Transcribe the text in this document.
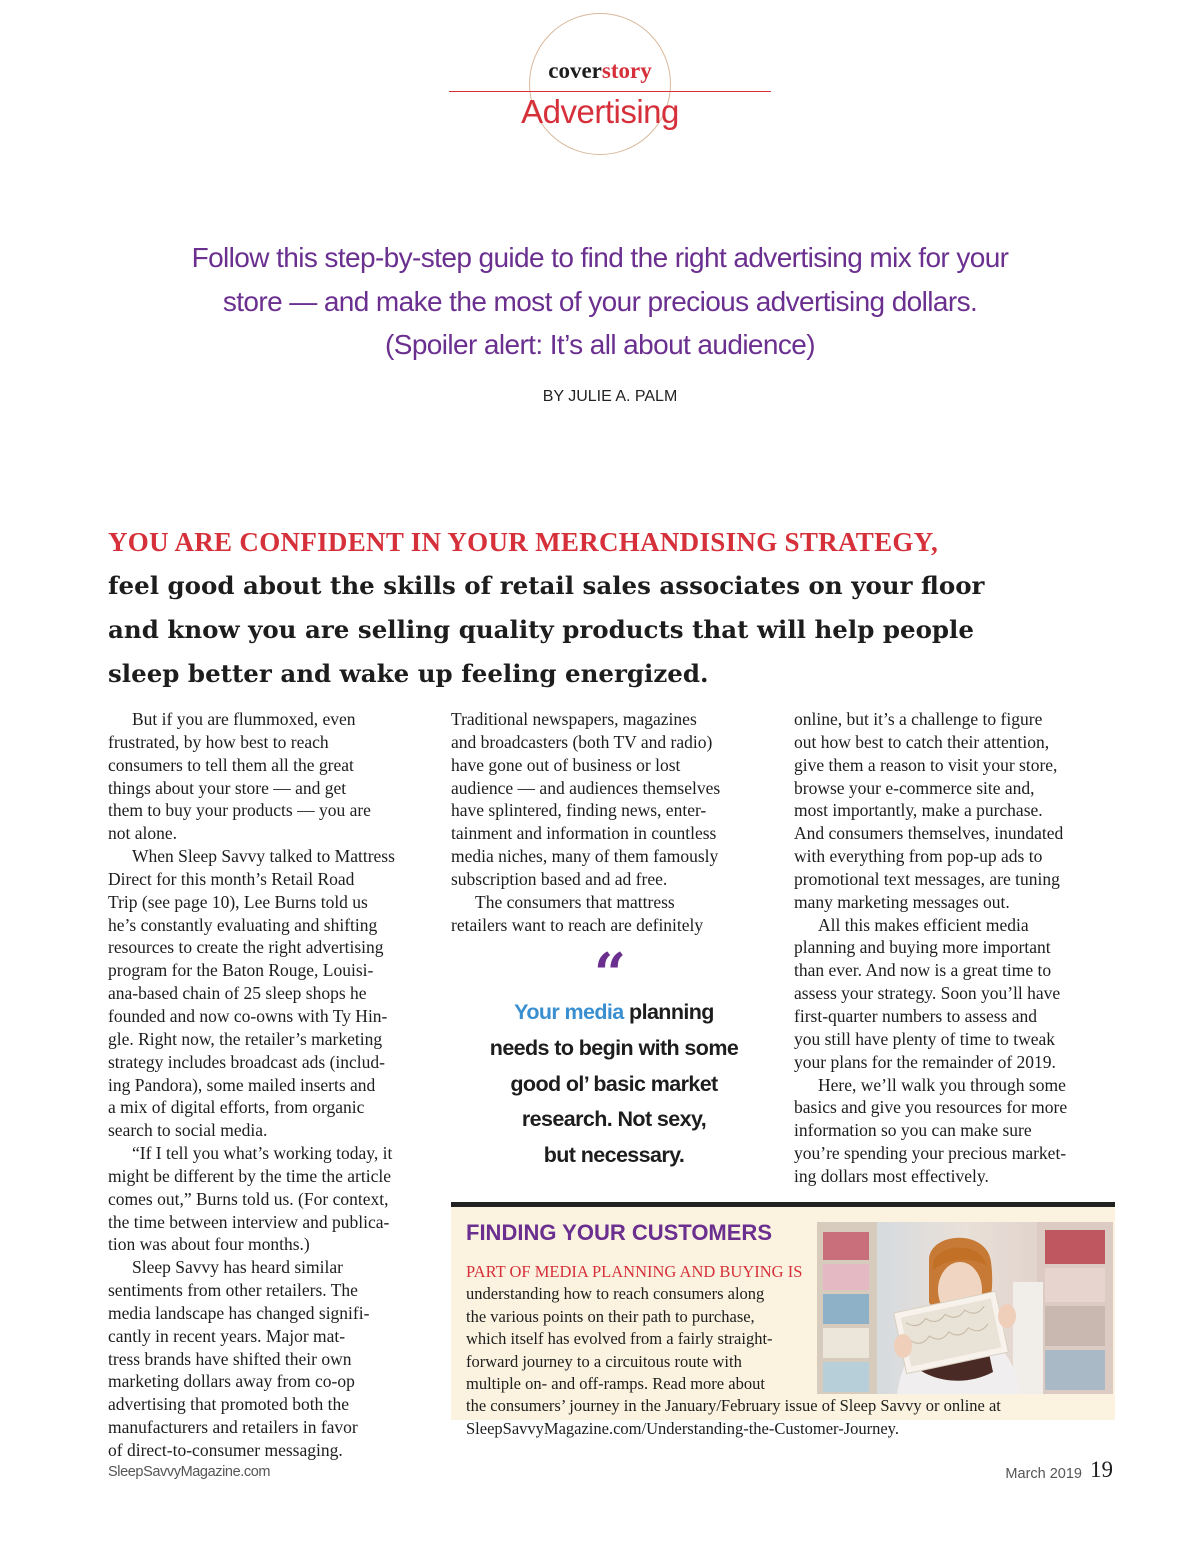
coverstory
Advertising
Follow this step-by-step guide to find the right advertising mix for your
store — and make the most of your precious advertising dollars.
(Spoiler alert: It’s all about audience)
BY JULIE A. PALM
YOU ARE CONFIDENT IN YOUR MERCHANDISING STRATEGY,
feel good about the skills of retail sales associates on your floor
and know you are selling quality products that will help people
sleep better and wake up feeling energized.
But if you are flummoxed, even
frustrated, by how best to reach
consumers to tell them all the great
things about your store — and get
them to buy your products — you are
not alone.
When Sleep Savvy talked to Mattress
Direct for this month’s Retail Road
Trip (see page 10), Lee Burns told us
he’s constantly evaluating and shifting
resources to create the right advertising
program for the Baton Rouge, Louisi-
ana-based chain of 25 sleep shops he
founded and now co-owns with Ty Hin-
gle. Right now, the retailer’s marketing
strategy includes broadcast ads (includ-
ing Pandora), some mailed inserts and
a mix of digital efforts, from organic
search to social media.
“If I tell you what’s working today, it
might be different by the time the article
comes out,” Burns told us. (For context,
the time between interview and publica-
tion was about four months.)
Sleep Savvy has heard similar
sentiments from other retailers. The
media landscape has changed signifi-
cantly in recent years. Major mat-
tress brands have shifted their own
marketing dollars away from co-op
advertising that promoted both the
manufacturers and retailers in favor
of direct-to-consumer messaging.
Traditional newspapers, magazines
and broadcasters (both TV and radio)
have gone out of business or lost
audience — and audiences themselves
have splintered, finding news, enter-
tainment and information in countless
media niches, many of them famously
subscription based and ad free.
The consumers that mattress
retailers want to reach are definitely
online, but it’s a challenge to figure
out how best to catch their attention,
give them a reason to visit your store,
browse your e-commerce site and,
most importantly, make a purchase.
And consumers themselves, inundated
with everything from pop-up ads to
promotional text messages, are tuning
many marketing messages out.
All this makes efficient media
planning and buying more important
than ever. And now is a great time to
assess your strategy. Soon you’ll have
first-quarter numbers to assess and
you still have plenty of time to tweak
your plans for the remainder of 2019.
Here, we’ll walk you through some
basics and give you resources for more
information so you can make sure
you’re spending your precious market-
ing dollars most effectively.
“
Your media planning
needs to begin with some
good ol’ basic market
research. Not sexy,
but necessary.
FINDING YOUR CUSTOMERS
PART OF MEDIA PLANNING AND BUYING IS
understanding how to reach consumers along
the various points on their path to purchase,
which itself has evolved from a fairly straight-
forward journey to a circuitous route with
multiple on- and off-ramps. Read more about
the consumers’ journey in the January/February issue of Sleep Savvy or online at
SleepSavvyMagazine.com/Understanding-the-Customer-Journey.
SleepSavvyMagazine.com	March 2019 19
